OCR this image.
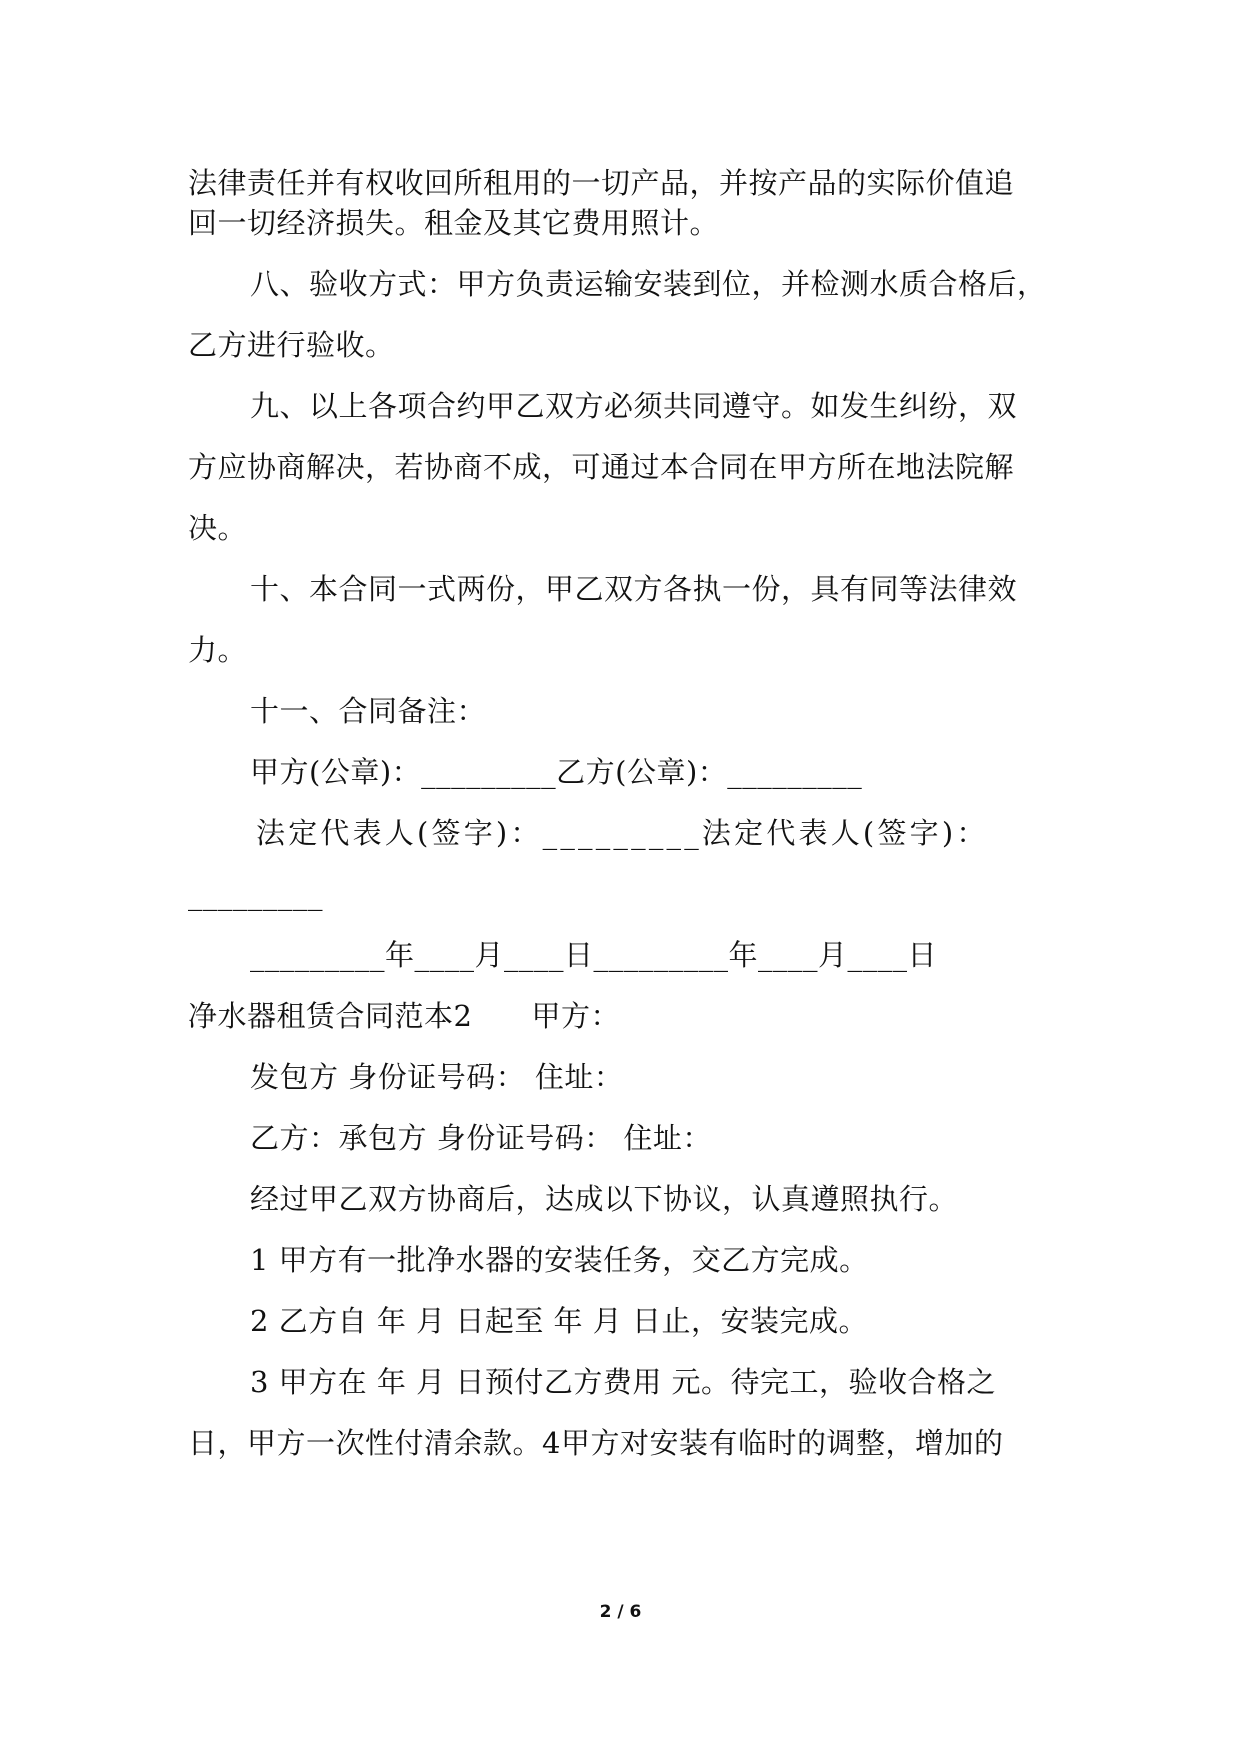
法律责任并有权收回所租用的一切产品，并按产品的实际价值追
回一切经济损失。租金及其它费用照计。
八、验收方式：甲方负责运输安装到位，并检测水质合格后，
乙方进行验收。
九、以上各项合约甲乙双方必须共同遵守。如发生纠纷，双
方应协商解决，若协商不成，可通过本合同在甲方所在地法院解
决。
十、本合同一式两份，甲乙双方各执一份，具有同等法律效
力。
十一、合同备注：
甲方(公章)：_________乙方(公章)：_________
法定代表人(签字)：_________法定代表人(签字)：
_________
_________年____月____日_________年____月____日
净水器租赁合同范本2　　甲方：
发包方 身份证号码： 住址：
乙方：承包方 身份证号码： 住址：
经过甲乙双方协商后，达成以下协议，认真遵照执行。
1 甲方有一批净水器的安装任务，交乙方完成。
2 乙方自 年 月 日起至 年 月 日止，安装完成。
3 甲方在 年 月 日预付乙方费用 元。待完工，验收合格之
日，甲方一次性付清余款。4甲方对安装有临时的调整，增加的
2 / 6
